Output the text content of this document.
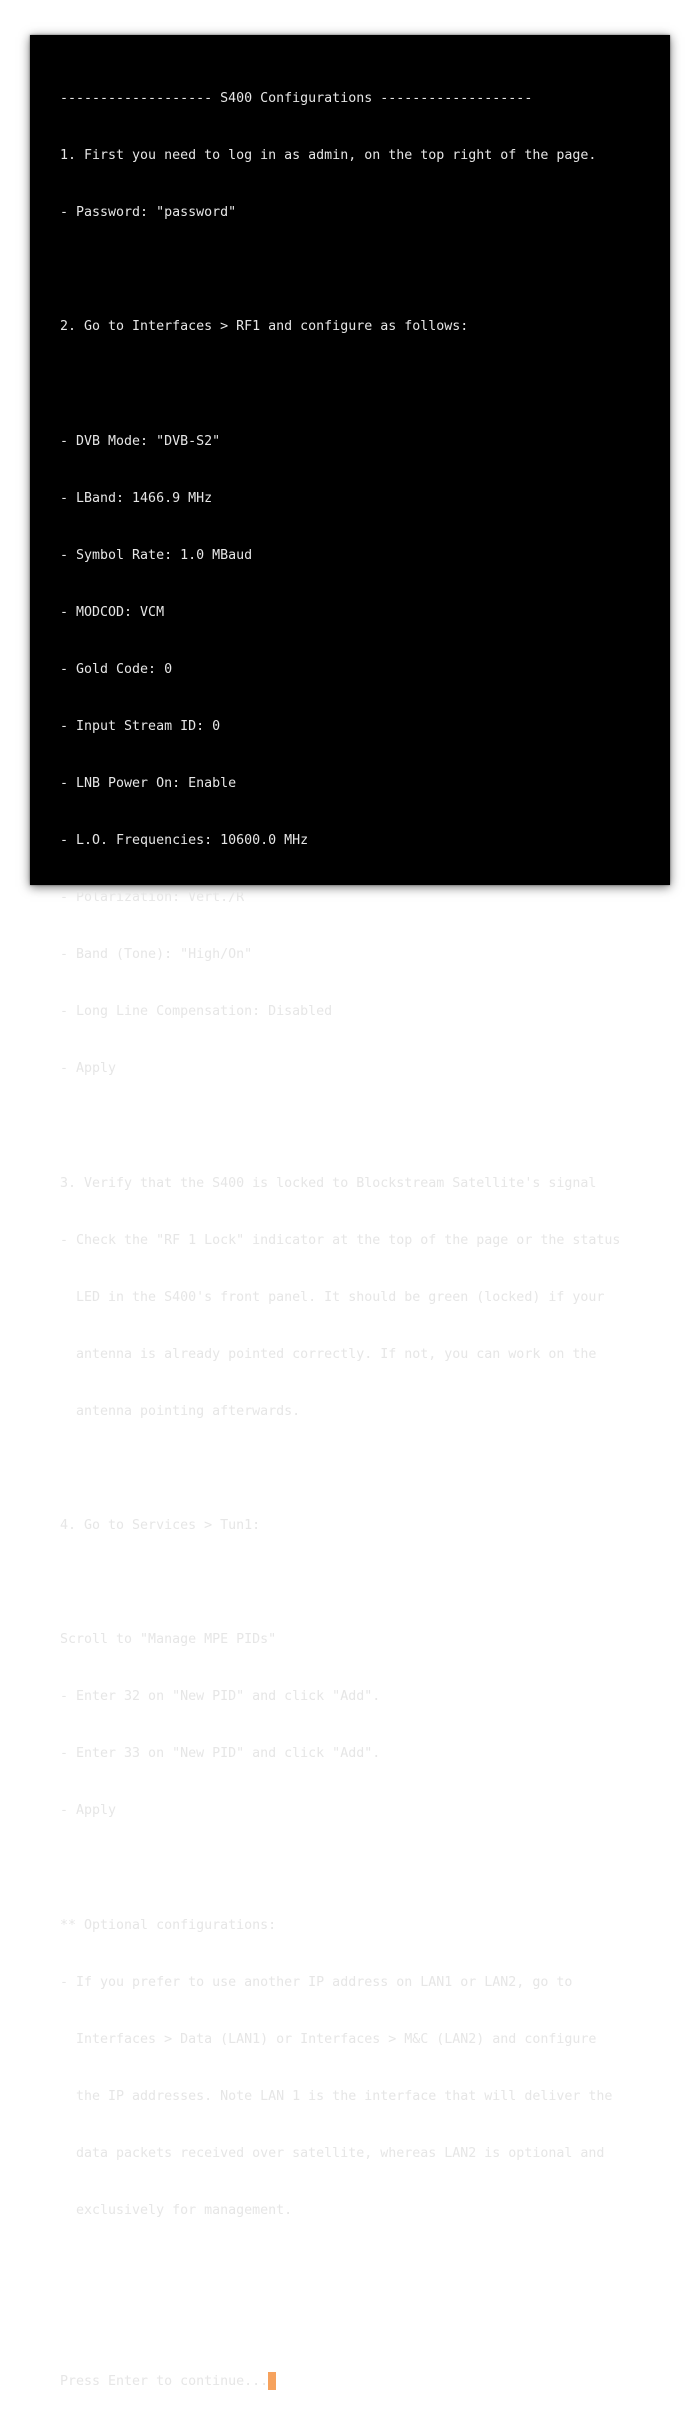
------------------- S400 Configurations -------------------

1. First you need to log in as admin, on the top right of the page.

- Password: "password"

2. Go to Interfaces > RF1 and configure as follows:

- DVB Mode: "DVB-S2"

- LBand: 1466.9 MHz

- Symbol Rate: 1.0 MBaud

- MODCOD: VCM

- Gold Code: 0

- Input Stream ID: 0

- LNB Power On: Enable

- L.O. Frequencies: 10600.0 MHz

- Polarization: Vert./R

- Band (Tone): "High/On"

- Long Line Compensation: Disabled

- Apply

3. Verify that the S400 is locked to Blockstream Satellite's signal

- Check the "RF 1 Lock" indicator at the top of the page or the status

LED in the S400's front panel. It should be green (locked) if your

antenna is already pointed correctly. If not, you can work on the

antenna pointing afterwards.

4. Go to Services > Tun1:

Scroll to "Manage MPE PIDs"

- Enter 32 on "New PID" and click "Add".

- Enter 33 on "New PID" and click "Add".

- Apply

** Optional configurations:

- If you prefer to use another IP address on LAN1 or LAN2, go to

Interfaces > Data (LAN1) or Interfaces > M&C (LAN2) and configure

the IP addresses. Note LAN 1 is the interface that will deliver the

data packets received over satellite, whereas LAN2 is optional and

exclusively for management.

Press Enter to continue...
